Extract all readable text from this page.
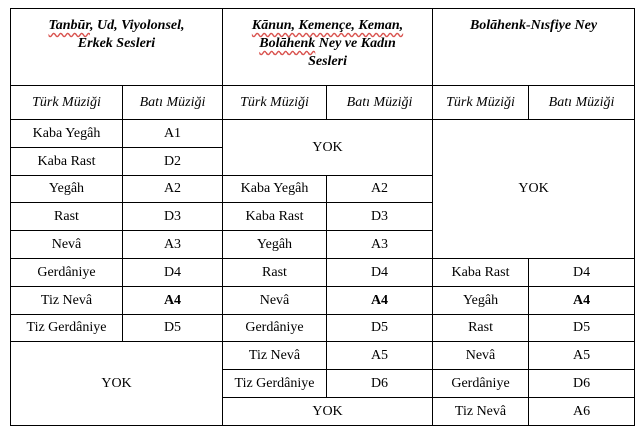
Tanbūr, Ud, Viyolonsel,
Erkek Sesleri		Kānun, Kemençe, Keman,
Bolāhenk Ney ve Kadın
Sesleri		Bolāhenk-Nısfiye Ney	
Türk Müziği	Batı Müziği	Türk Müziği	Batı Müziği	Türk Müziği	Batı Müziği
Kaba Yegâh	A1	YOK		YOK	
Kaba Rast	D2				
Yegâh	A2	Kaba Yegâh	A2		
Rast	D3	Kaba Rast	D3		
Nevâ	A3	Yegâh	A3		
Gerdâniye	D4	Rast	D4	Kaba Rast	D4
Tiz Nevâ	A4	Nevâ	A4	Yegâh	A4
Tiz Gerdâniye	D5	Gerdâniye	D5	Rast	D5
YOK		Tiz Nevâ	A5	Nevâ	A5
		Tiz Gerdâniye	D6	Gerdâniye	D6
		YOK		Tiz Nevâ	A6
